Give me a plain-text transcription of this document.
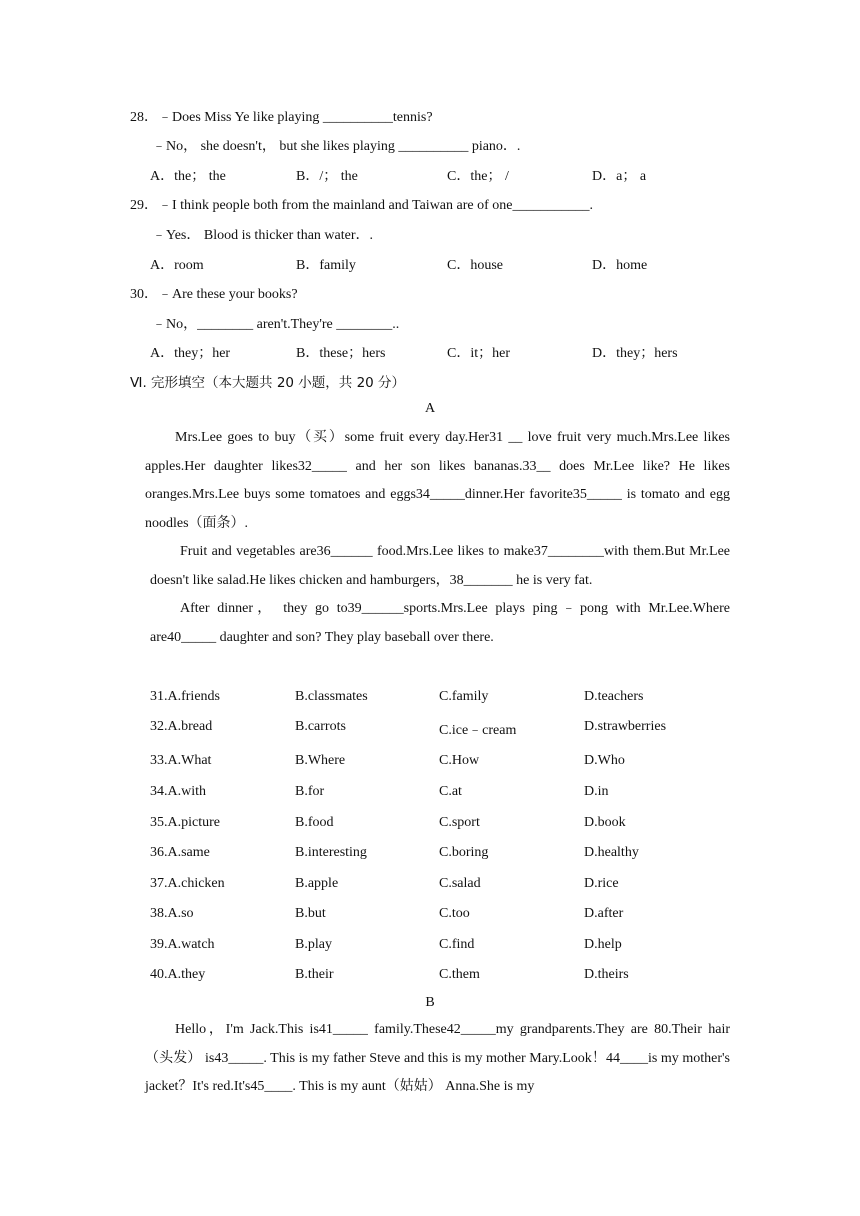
28．﹣Does Miss Ye like playing __________tennis?
﹣No， she doesn't， but she likes playing __________ piano．.
A．the； the	B．/； the	C．the； /	D．a； a
29．﹣I think people both from the mainland and Taiwan are of one___________.
﹣Yes． Blood is thicker than water．.
A．room	B．family	C．house	D．home
30．﹣Are these your books?
﹣No，________ aren't.They're ________..
A．they；her	B．these；hers	C．it；her	D．they；hers
Ⅵ. 完形填空（本大题共 20 小题，共 20 分）
A
Mrs.Lee goes to buy（买）some fruit every day.Her31 __ love fruit very much.Mrs.Lee likes apples.Her daughter likes32_____ and her son likes bananas.33__ does Mr.Lee like? He likes oranges.Mrs.Lee buys some tomatoes and eggs34_____dinner.Her favorite35_____ is tomato and egg noodles（面条）.
Fruit and vegetables are36______ food.Mrs.Lee likes to make37________with them.But Mr.Lee doesn't like salad.He likes chicken and hamburgers，38_______ he is very fat.
After dinner， they go to39______sports.Mrs.Lee plays ping﹣pong with Mr.Lee.Where are40_____ daughter and son? They play baseball over there.
31.A.friends	B.classmates	C.family	D.teachers
32.A.bread	B.carrots	C.ice﹣cream	D.strawberries
33.A.What	B.Where	C.How	D.Who
34.A.with	B.for	C.at	D.in
35.A.picture	B.food	C.sport	D.book
36.A.same	B.interesting	C.boring	D.healthy
37.A.chicken	B.apple	C.salad	D.rice
38.A.so	B.but	C.too	D.after
39.A.watch	B.play	C.find	D.help
40.A.they	B.their	C.them	D.theirs
B
Hello，I'm Jack.This is41_____ family.These42_____my grandparents.They are 80.Their hair（头发） is43_____. This is my father Steve and this is my mother Mary.Look！44____is my mother's jacket？It's red.It's45____. This is my aunt（姑姑） Anna.She is my
